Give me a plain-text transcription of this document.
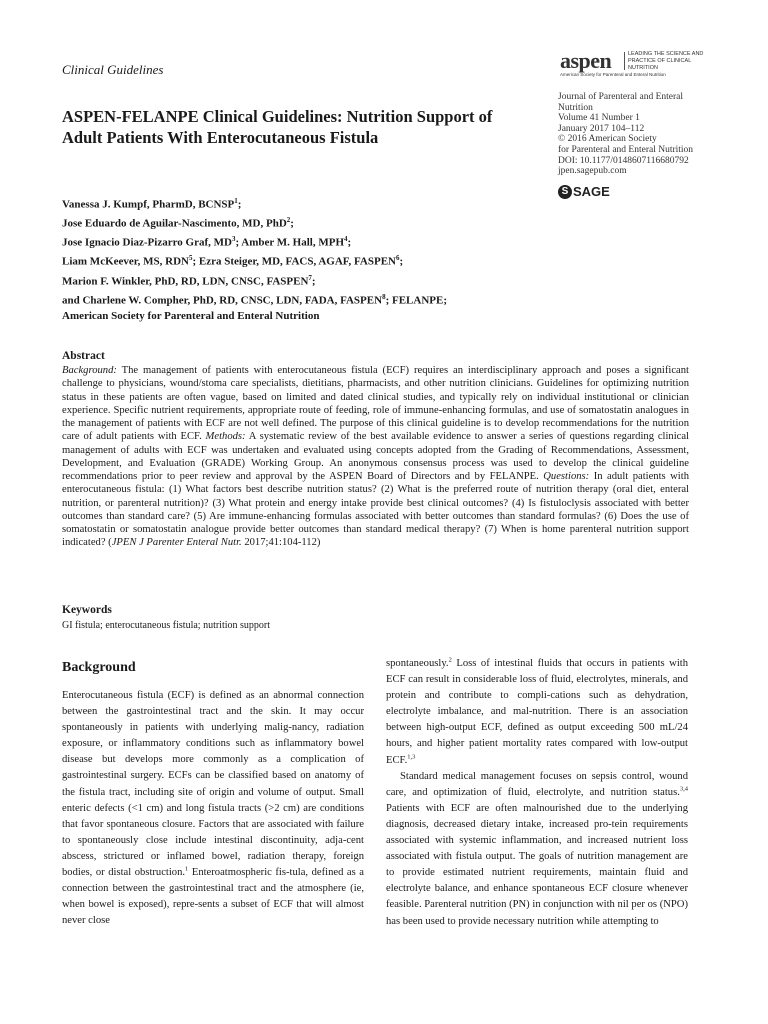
Clinical Guidelines	aspen	LEADING THE SCIENCE AND PRACTICE OF CLINICAL NUTRITION
American Society for Parenteral and Enteral Nutrition
Journal of Parenteral and Enteral
Nutrition
Volume 41 Number 1
January 2017 104–112
© 2016 American Society
for Parenteral and Enteral Nutrition
DOI: 10.1177/0148607116680792
jpen.sagepub.com
S SAGE
ASPEN-FELANPE Clinical Guidelines: Nutrition Support of Adult Patients With Enterocutaneous Fistula
Vanessa J. Kumpf, PharmD, BCNSP$^1$;
Jose Eduardo de Aguilar-Nascimento, MD, PhD$^2$;
Jose Ignacio Diaz-Pizarro Graf, $MD^3$; Amber M. Hall, MPH$^4$;
Liam McKeever, MS, RDN$^5$; Ezra Steiger, MD, FACS, AGAF, FASPEN$^6$;
Marion F. Winkler, PhD, RD, LDN, CNSC, FASPEN$^7$;
and Charlene W. Compher, PhD, RD, CNSC, LDN, FADA, FASPEN$^8$; FELANPE;
American Society for Parenteral and Enteral Nutrition
Abstract
Background: The management of patients with enterocutaneous fistula (ECF) requires an interdisciplinary approach and poses a significant challenge to physicians, wound/stoma care specialists, dietitians, pharmacists, and other nutrition clinicians. Guidelines for optimizing nutrition status in these patients are often vague, based on limited and dated clinical studies, and typically rely on individual institutional or clinician experience. Specific nutrient requirements, appropriate route of feeding, role of immune-enhancing formulas, and use of somatostatin analogues in the management of patients with ECF are not well defined. The purpose of this clinical guideline is to develop recommendations for the nutrition care of adult patients with ECF. Methods: A systematic review of the best available evidence to answer a series of questions regarding clinical management of adults with ECF was undertaken and evaluated using concepts adopted from the Grading of Recommendations, Assessment, Development, and Evaluation (GRADE) Working Group. An anonymous consensus process was used to develop the clinical guideline recommendations prior to peer review and approval by the ASPEN Board of Directors and by FELANPE. Questions: In adult patients with enterocutaneous fistula: (1) What factors best describe nutrition status? (2) What is the preferred route of nutrition therapy (oral diet, enteral nutrition, or parenteral nutrition)? (3) What protein and energy intake provide best clinical outcomes? (4) Is fistuloclysis associated with better outcomes than standard care? (5) Are immune-enhancing formulas associated with better outcomes than standard formulas? (6) Does the use of somatostatin or somatostatin analogue provide better outcomes than standard medical therapy? (7) When is home parenteral nutrition support indicated? (JPEN J Parenter Enteral Nutr. 2017;41:104-112)
Keywords
GI fistula; enterocutaneous fistula; nutrition support
Background

Enterocutaneous fistula (ECF) is defined as an abnormal connection between the gastrointestinal tract and the skin. It may occur spontaneously in patients with underlying malig-nancy, radiation exposure, or inflammatory conditions such as inflammatory bowel disease but develops more commonly as a complication of gastrointestinal surgery. ECFs can be classified based on anatomy of the fistula tract, including site of origin and volume of output. Small enteric defects (<1 cm) and long fistula tracts (>2 cm) are conditions that favor spontaneous closure. Factors that are associated with failure to spontaneously close include intestinal discontinuity, adja-cent abscess, strictured or inflamed bowel, radiation therapy, foreign bodies, or distal obstruction.$^1$ Enteroatmospheric fis-tula, defined as a connection between the gastrointestinal tract and the atmosphere (ie, when bowel is exposed), repre-sents a subset of ECF that will almost never close

spontaneously.$^2$ Loss of intestinal fluids that occurs in patients with ECF can result in considerable loss of fluid, electrolytes, minerals, and protein and contribute to compli-cations such as dehydration, electrolyte imbalance, and mal-nutrition. There is an association between high-output ECF, defined as output exceeding 500 mL/24 hours, and higher patient mortality rates compared with low-output ECF.$^{1,3}$

Standard medical management focuses on sepsis control, wound care, and optimization of fluid, electrolyte, and nutrition status.$^{3,4}$ Patients with ECF are often malnourished due to the underlying diagnosis, decreased dietary intake, increased pro-tein requirements associated with systemic inflammation, and increased nutrient loss associated with fistula output. The goals of nutrition management are to provide estimated nutrient requirements, maintain fluid and electrolyte balance, and enhance spontaneous ECF closure whenever feasible. Parenteral nutrition (PN) in conjunction with nil per os (NPO) has been used to provide necessary nutrition while attempting to
